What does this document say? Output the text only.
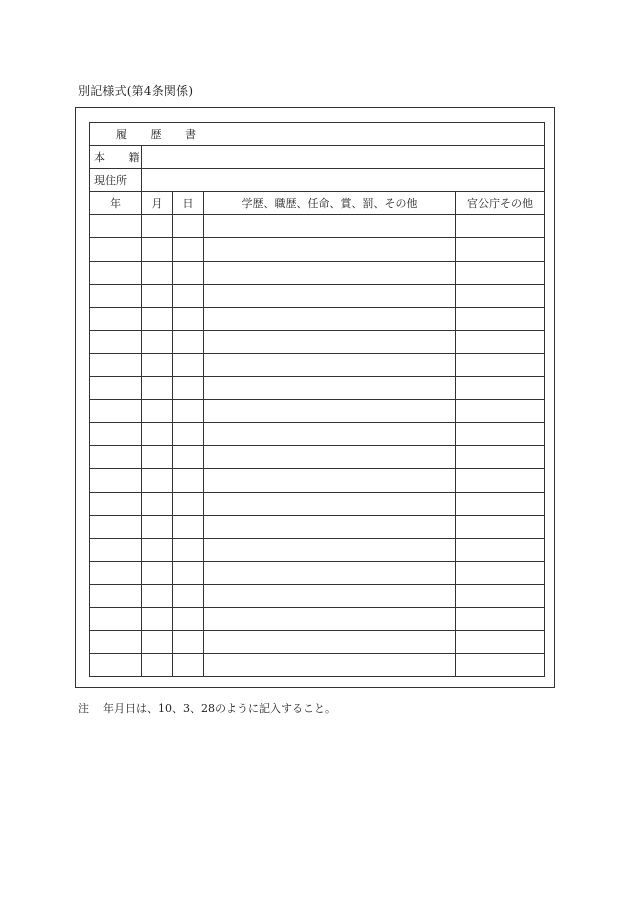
別記様式(第4条関係)
履 歴 書				
本 籍				
現住所				
年	月	日	学歴、職歴、任命、賞、罰、その他	官公庁その他

注 年月日は、10、3、28のように記入すること。
